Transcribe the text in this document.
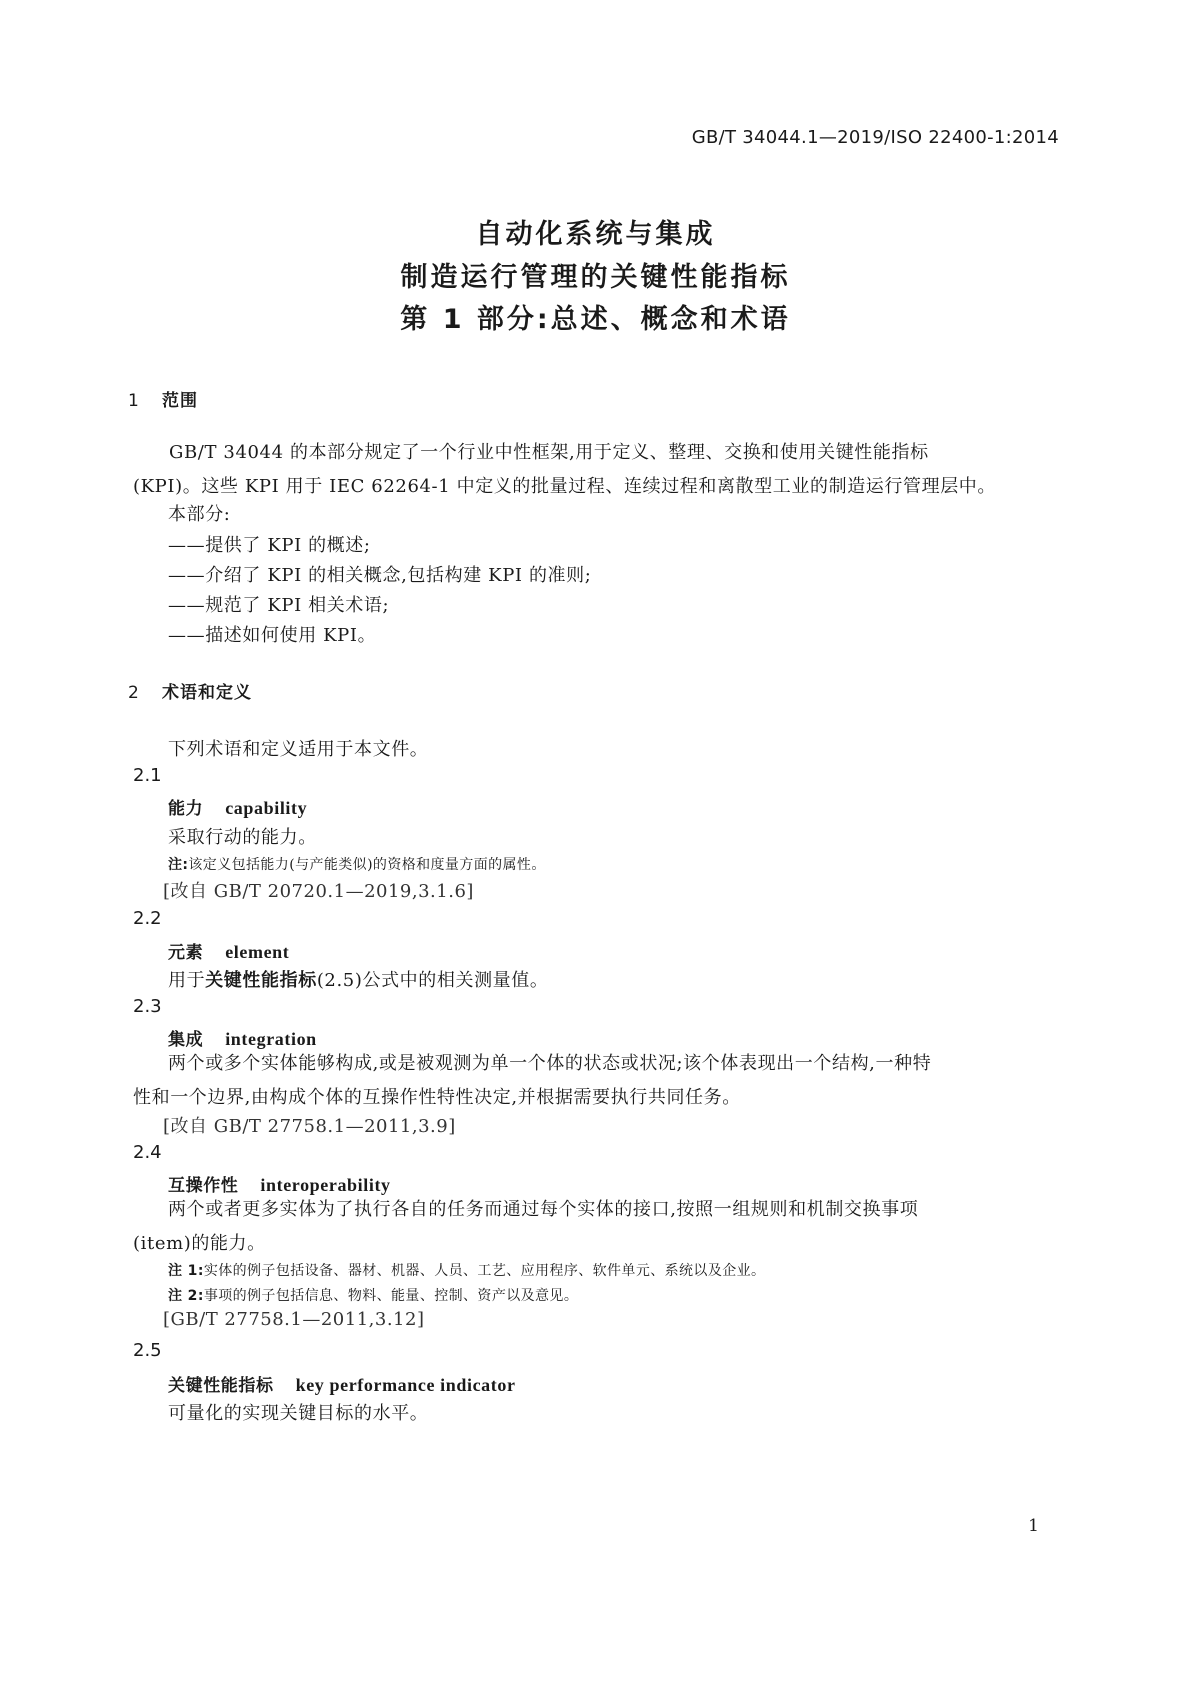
GB/T 34044.1—2019/ISO 22400-1:2014
自动化系统与集成
制造运行管理的关键性能指标
第 1 部分:总述、概念和术语
1 范围
GB/T 34044 的本部分规定了一个行业中性框架,用于定义、整理、交换和使用关键性能指标
(KPI)。这些 KPI 用于 IEC 62264-1 中定义的批量过程、连续过程和离散型工业的制造运行管理层中。
本部分:
——提供了 KPI 的概述;
——介绍了 KPI 的相关概念,包括构建 KPI 的准则;
——规范了 KPI 相关术语;
——描述如何使用 KPI。
2 术语和定义
下列术语和定义适用于本文件。
2.1
能力 capability
采取行动的能力。
注:该定义包括能力(与产能类似)的资格和度量方面的属性。
[改自 GB/T 20720.1—2019,3.1.6]
2.2
元素 element
用于关键性能指标(2.5)公式中的相关测量值。
2.3
集成 integration
两个或多个实体能够构成,或是被观测为单一个体的状态或状况;该个体表现出一个结构,一种特
性和一个边界,由构成个体的互操作性特性决定,并根据需要执行共同任务。
[改自 GB/T 27758.1—2011,3.9]
2.4
互操作性 interoperability
两个或者更多实体为了执行各自的任务而通过每个实体的接口,按照一组规则和机制交换事项
(item)的能力。
注 1:实体的例子包括设备、器材、机器、人员、工艺、应用程序、软件单元、系统以及企业。
注 2:事项的例子包括信息、物料、能量、控制、资产以及意见。
[GB/T 27758.1—2011,3.12]
2.5
关键性能指标 key performance indicator
可量化的实现关键目标的水平。
1
